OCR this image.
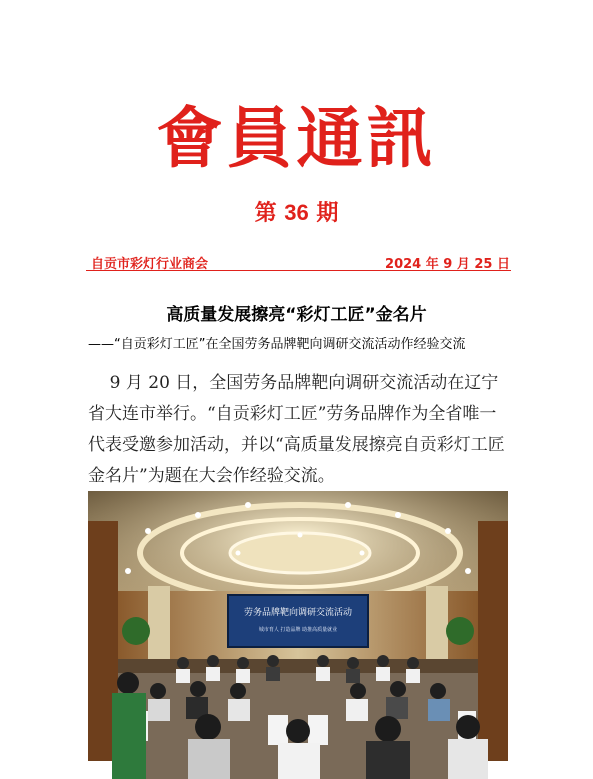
會員通訊
第 36 期
自贡市彩灯行业商会	2024 年 9 月 25 日
高质量发展擦亮“彩灯工匠”金名片
——“自贡彩灯工匠”在全国劳务品牌靶向调研交流活动作经验交流
9 月 20 日，全国劳务品牌靶向调研交流活动在辽宁省大连市举行。“自贡彩灯工匠”劳务品牌作为全省唯一代表受邀参加活动，并以“高质量发展擦亮自贡彩灯工匠金名片”为题在大会作经验交流。
劳务品牌靶向调研交流活动
城市育人 打造品牌 助推高质量就业
